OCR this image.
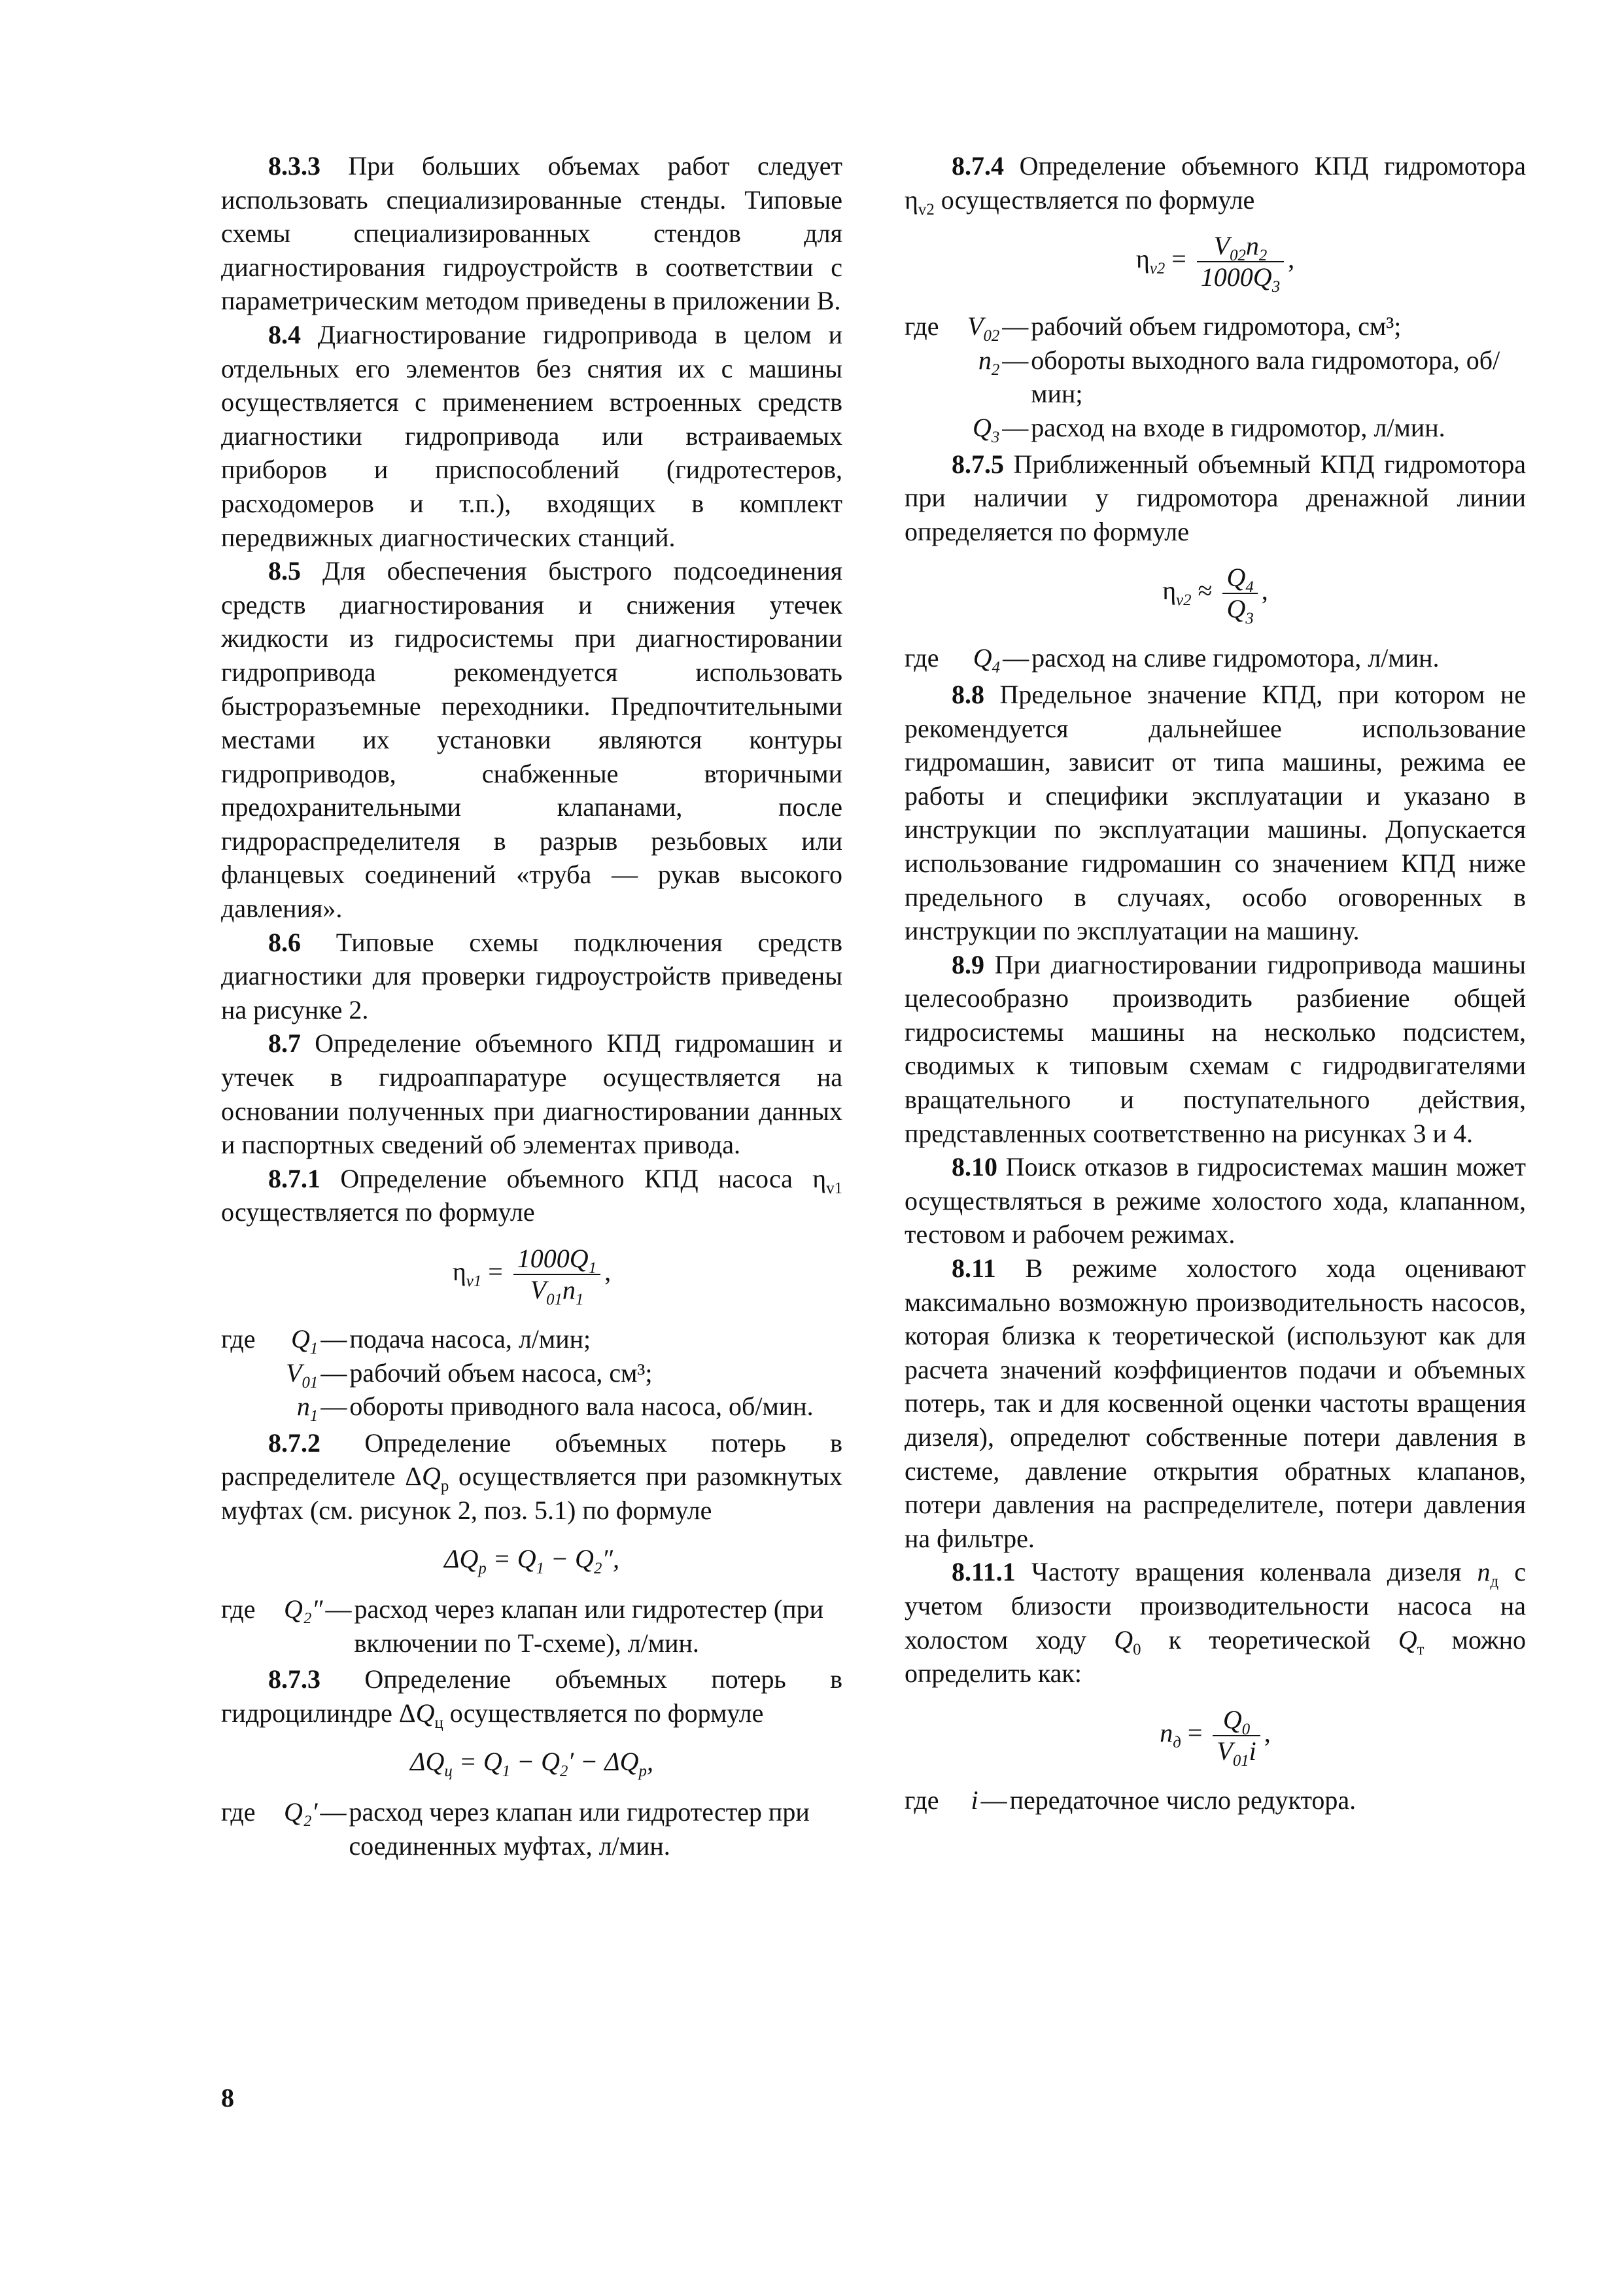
8.3.3 При больших объемах работ следует использовать специализированные стенды. Типовые схемы специализированных стендов для диагностирования гидроустройств в соответствии с параметрическим методом приведены в приложении В.

8.4 Диагностирование гидропривода в целом и отдельных его элементов без снятия их с машины осуществляется с применением встроенных средств диагностики гидропривода или встраиваемых приборов и приспособлений (гидротестеров, расходомеров и т.п.), входящих в комплект передвижных диагностических станций.

8.5 Для обеспечения быстрого подсоединения средств диагностирования и снижения утечек жидкости из гидросистемы при диагностировании гидропривода рекомендуется использовать быстроразъемные переходники. Предпочтительными местами их установки являются контуры гидроприводов, снабженные вторичными предохранительными клапанами, после гидрораспределителя в разрыв резьбовых или фланцевых соединений «труба — рукав высокого давления».

8.6 Типовые схемы подключения средств диагностики для проверки гидроустройств приведены на рисунке 2.

8.7 Определение объемного КПД гидромашин и утечек в гидроаппаратуре осуществляется на основании полученных при диагностировании данных и паспортных сведений об элементах привода.

8.7.1 Определение объемного КПД насоса $\eta_{v1}$ осуществляется по формуле

$\eta_{v1} = \frac{1000Q_1}{V_{01}n_1}$ ,
где	$Q_1$	—	подача насоса, л/мин;
	$V_{01}$	—	рабочий объем насоса, см³;
	$n_1$	—	обороты приводного вала насоса, об/мин.

8.7.2 Определение объемных потерь в распределителе $\Delta Q_р$ осуществляется при разомкнутых муфтах (см. рисунок 2, поз. 5.1) по формуле

$\Delta Q_р = Q_1 - Q_2''$,
где	Q₂″	—	расход через клапан или гидротестер (при включении по Т-схеме), л/мин.

8.7.3 Определение объемных потерь в гидроцилиндре $\Delta Q_ц$ осуществляется по формуле

$\Delta Q_ц = Q_1 - Q_2' - \Delta Q_р$,
где	Q₂′	—	расход через клапан или гидротестер при соединенных муфтах, л/мин.

8.7.4 Определение объемного КПД гидромотора $\eta_{v2}$ осуществляется по формуле

$\eta_{v2} = \frac{V_{02}n_2}{1000Q_3}$ ,
где	$V_{02}$	—	рабочий объем гидромотора, см³;
	$n_2$	—	обороты выходного вала гидромотора, об/мин;
	$Q_3$	—	расход на входе в гидромотор, л/мин.

8.7.5 Приближенный объемный КПД гидромотора при наличии у гидромотора дренажной линии определяется по формуле

$\eta_{v2} \approx \frac{Q_4}{Q_3}$ ,
где	$Q_4$	—	расход на сливе гидромотора, л/мин.

8.8 Предельное значение КПД, при котором не рекомендуется дальнейшее использование гидромашин, зависит от типа машины, режима ее работы и специфики эксплуатации и указано в инструкции по эксплуатации машины. Допускается использование гидромашин со значением КПД ниже предельного в случаях, особо оговоренных в инструкции по эксплуатации на машину.

8.9 При диагностировании гидропривода машины целесообразно производить разбиение общей гидросистемы машины на несколько подсистем, сводимых к типовым схемам с гидродвигателями вращательного и поступательного действия, представленных соответственно на рисунках 3 и 4.

8.10 Поиск отказов в гидросистемах машин может осуществляться в режиме холостого хода, клапанном, тестовом и рабочем режимах.

8.11 В режиме холостого хода оценивают максимально возможную производительность насосов, которая близка к теоретической (используют как для расчета значений коэффициентов подачи и объемных потерь, так и для косвенной оценки частоты вращения дизеля), определют собственные потери давления в системе, давление открытия обратных клапанов, потери давления на распределителе, потери давления на фильтре.

8.11.1 Частоту вращения коленвала дизеля $n_д$ с учетом близости производительности насоса на холостом ходу $Q_0$ к теоретической $Q_т$ можно определить как:

$n_д = \frac{Q_0}{V_{01}i}$ ,
где	i	—	передаточное число редуктора.
8
